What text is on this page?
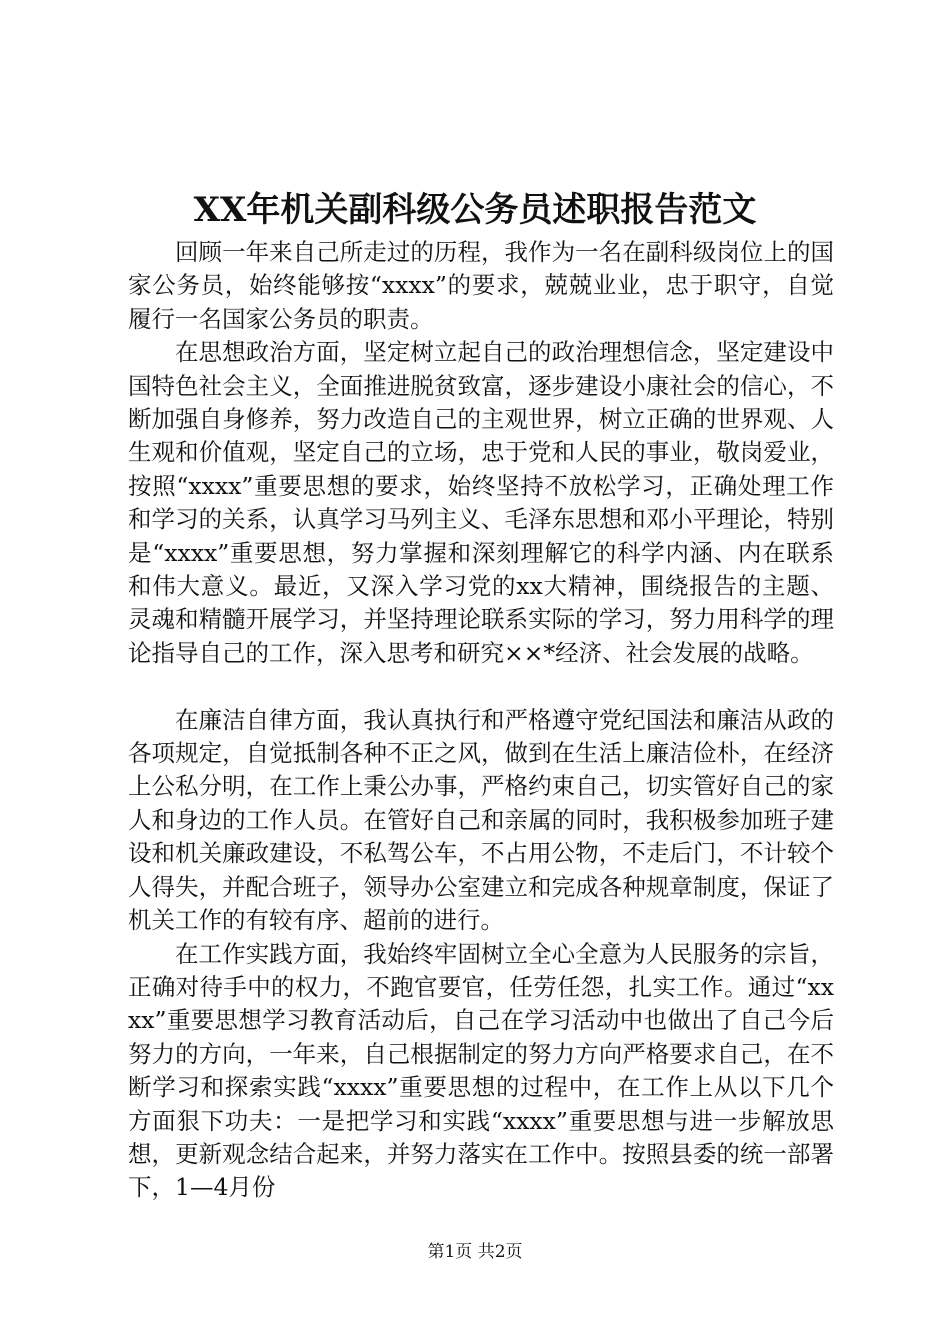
XX年机关副科级公务员述职报告范文

回顾一年来自己所走过的历程，我作为一名在副科级岗位上的国家公务员，始终能够按“xxxx”的要求，兢兢业业，忠于职守，自觉履行一名国家公务员的职责。

在思想政治方面，坚定树立起自己的政治理想信念，坚定建设中国特色社会主义，全面推进脱贫致富，逐步建设小康社会的信心，不断加强自身修养，努力改造自己的主观世界，树立正确的世界观、人生观和价值观，坚定自己的立场，忠于党和人民的事业，敬岗爱业，按照“xxxx”重要思想的要求，始终坚持不放松学习，正确处理工作和学习的关系，认真学习马列主义、毛泽东思想和邓小平理论，特别是“xxxx”重要思想，努力掌握和深刻理解它的科学内涵、内在联系和伟大意义。最近，又深入学习党的xx大精神，围绕报告的主题、灵魂和精髓开展学习，并坚持理论联系实际的学习，努力用科学的理论指导自己的工作，深入思考和研究××*经济、社会发展的战略。

在廉洁自律方面，我认真执行和严格遵守党纪国法和廉洁从政的各项规定，自觉抵制各种不正之风，做到在生活上廉洁俭朴，在经济上公私分明，在工作上秉公办事，严格约束自己，切实管好自己的家人和身边的工作人员。在管好自己和亲属的同时，我积极参加班子建设和机关廉政建设，不私驾公车，不占用公物，不走后门，不计较个人得失，并配合班子，领导办公室建立和完成各种规章制度，保证了机关工作的有较有序、超前的进行。

在工作实践方面，我始终牢固树立全心全意为人民服务的宗旨，正确对待手中的权力，不跑官要官，任劳任怨，扎实工作。通过“xxxx”重要思想学习教育活动后，自己在学习活动中也做出了自己今后努力的方向，一年来，自己根据制定的努力方向严格要求自己，在不断学习和探索实践“xxxx”重要思想的过程中，在工作上从以下几个方面狠下功夫：一是把学习和实践“xxxx”重要思想与进一步解放思想，更新观念结合起来，并努力落实在工作中。按照县委的统一部署下，1—4月份

第1页 共2页
